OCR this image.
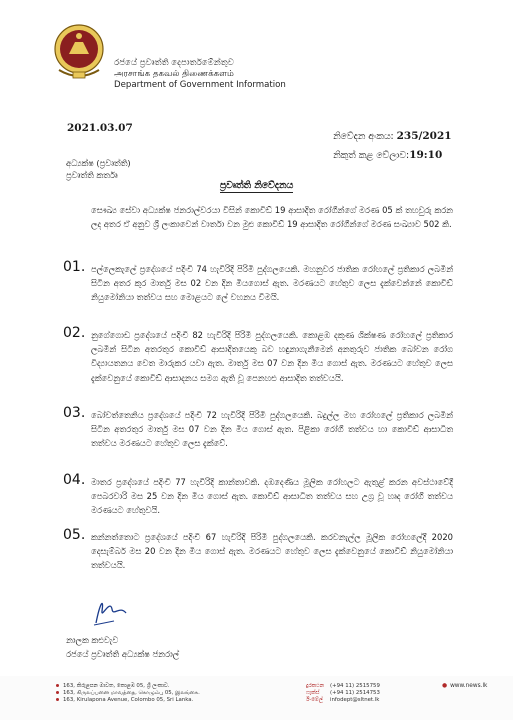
රජයේ ප්‍රවෘත්ති දෙපාර්තමේන්තුව
அரசாங்க தகவல் திணைக்களம்
Department of Government Information
2021.03.07
නිවේදන අංකය: 235/2021
නිකුත් කළ වේලාව:19:10
අධ්‍යක්ෂ (ප්‍රවෘත්ති)
ප්‍රවෘත්ති කර්තෘ
ප්‍රවෘත්ති නිවේදනය
සෞඛ්‍ය සේවා අධ්‍යක්ෂ ජනරාල්වරයා විසින් කොවිඩ් 19 ආසාදිත රෝගීන්ගේ මරණ 05 ක් තහවුරු කරන ලද අතර ඒ අනුව ශ්‍රී ලංකාවෙන් වාර්තා වන මුළු කොවිඩ් 19 ආසාදිත රෝගීන්ගේ මරණ සංඛ්‍යාව 502 කි.
01. පල්ලෙකැලේ ප්‍රදේශයේ පදිංචි 74 හැවිරිදි පිරිමි පුද්ගලයෙකි. මහනුවර ජාතික රෝහලේ ප්‍රතිකාර ලබමින් සිටින අතර කුර මාර්තු මස 02 වන දින මියගොස් ඇත. මරණයට හේතුව ලෙස දැක්වෙන්නේ කොවිඩ් නියුමෝනියා තත්වය සහ මොළයට ලේ වහනය වීමයි.
02. නුගේගොඩ ප්‍රදේශයේ පදිංචි 82 හැවිරිදි පිරිමි පුද්ගලයෙකි. කොළඹ දකුණ ශික්ෂණ රෝහලේ ප්‍රතිකාර ලබමින් සිටින අතරතුර කොවිඩ් ආසාදිතයෙකු බව හඳුනාගැනීමෙන් අනතුරුව ජාතික බෝවන රෝග විද්‍යායතනය වෙත මාරුකර යවා ඇත. මාර්තු මස 07 වන දින මිය ගොස් ඇත. මරණයට හේතුව ලෙස දැක්වෙනුයේ කොවිඩ් ආසාදනය සමග ඇති වූ පෙනහළු ආසාදිත තත්වයයි.
03. බෝවත්තෙනිය ප්‍රදේශයේ පදිංචි 72 හැවිරිදි පිරිමි පුද්ගලයෙකි. බදුල්ල මහ රෝහලේ ප්‍රතිකාර ලබමින් සිටින අතරතුර මාර්තු මස 07 වන දින මිය ගොස් ඇත. පිළිකා රෝගී තත්වය හා කොවිඩ් ආසාධිත තත්වය මරණයට හේතුව ලෙස දැක්වේ.
04. මාතර ප්‍රදේශයේ පදිංචි 77 හැවිරිදි කාන්තාවකි. දඹදෙණිය මූලික රෝහලට ඇතුළ් කරන අවස්ථාවේදී පෙබරවාරි මස 25 වන දින මිය ගොස් ඇත. කොවිඩ් ආසාධිත තත්වය සහ උග්‍ර වූ හෘද රෝගී තත්වය මරණයට හේතුවයි.
05. කන්නත්තොට ප්‍රදේශයේ පදිංචි 67 හැවිරිදි පිරිමි පුද්ගලයෙකි. කරවනැල්ල මූලික රෝහලේදී 2020 දෙසැම්බර් මස 20 වන දින මිය ගොස් ඇත. මරණයට හේතුව ලෙස දැක්වෙනුයේ කොවිඩ් නියුමෝනියා තත්වයයි.
නාලක කළුවැව
රජයේ ප්‍රවෘත්ති අධ්‍යක්ෂ ජනරාල්
163, කිරුළපන මාවත, කොළඹ 05, ශ්‍රී ලංකාව.
163, கிருலப்பனை மாவத்தை, கொழும்பு 05, இலங்கை.
163, Kirulapona Avenue, Colombo 05, Sri Lanka.
දුරකථන (+94 11) 2515759
ෆැක්ස් (+94 11) 2514753
ඊ-මේල් infodept@sltnet.lk
● www.news.lk
